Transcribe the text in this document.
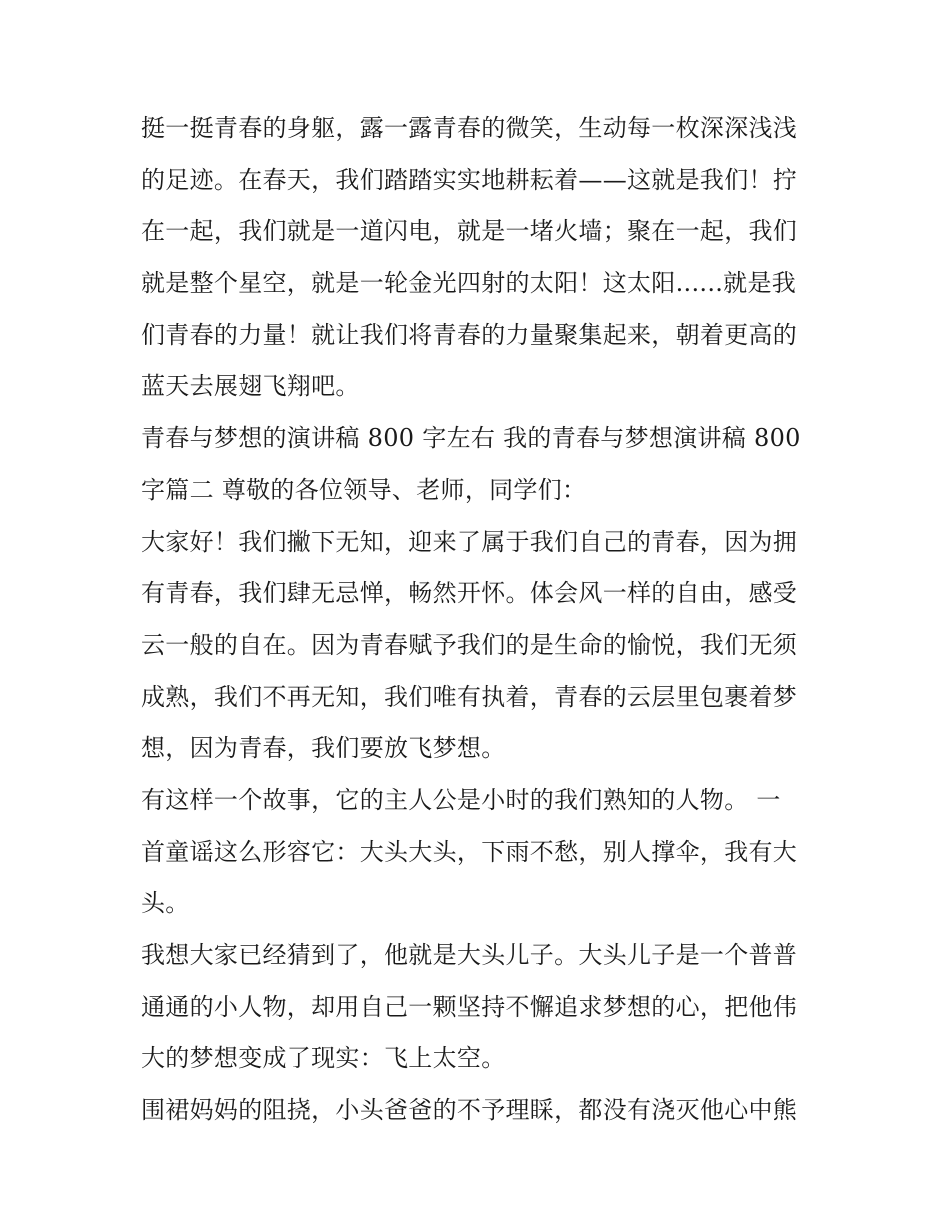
挺一挺青春的身躯，露一露青春的微笑，生动每一枚深深浅浅
的足迹。在春天，我们踏踏实实地耕耘着——这就是我们！拧
在一起，我们就是一道闪电，就是一堵火墙；聚在一起，我们
就是整个星空，就是一轮金光四射的太阳！这太阳......就是我
们青春的力量！就让我们将青春的力量聚集起来，朝着更高的
蓝天去展翅飞翔吧。
青春与梦想的演讲稿 800 字左右 我的青春与梦想演讲稿 800
字篇二 尊敬的各位领导、老师，同学们：
大家好！我们撇下无知，迎来了属于我们自己的青春，因为拥
有青春，我们肆无忌惮，畅然开怀。体会风一样的自由，感受
云一般的自在。因为青春赋予我们的是生命的愉悦，我们无须
成熟，我们不再无知，我们唯有执着，青春的云层里包裹着梦
想，因为青春，我们要放飞梦想。
有这样一个故事，它的主人公是小时的我们熟知的人物。 一
首童谣这么形容它：大头大头，下雨不愁，别人撑伞，我有大
头。
我想大家已经猜到了，他就是大头儿子。大头儿子是一个普普
通通的小人物，却用自己一颗坚持不懈追求梦想的心，把他伟
大的梦想变成了现实：飞上太空。
围裙妈妈的阻挠，小头爸爸的不予理睬，都没有浇灭他心中熊
